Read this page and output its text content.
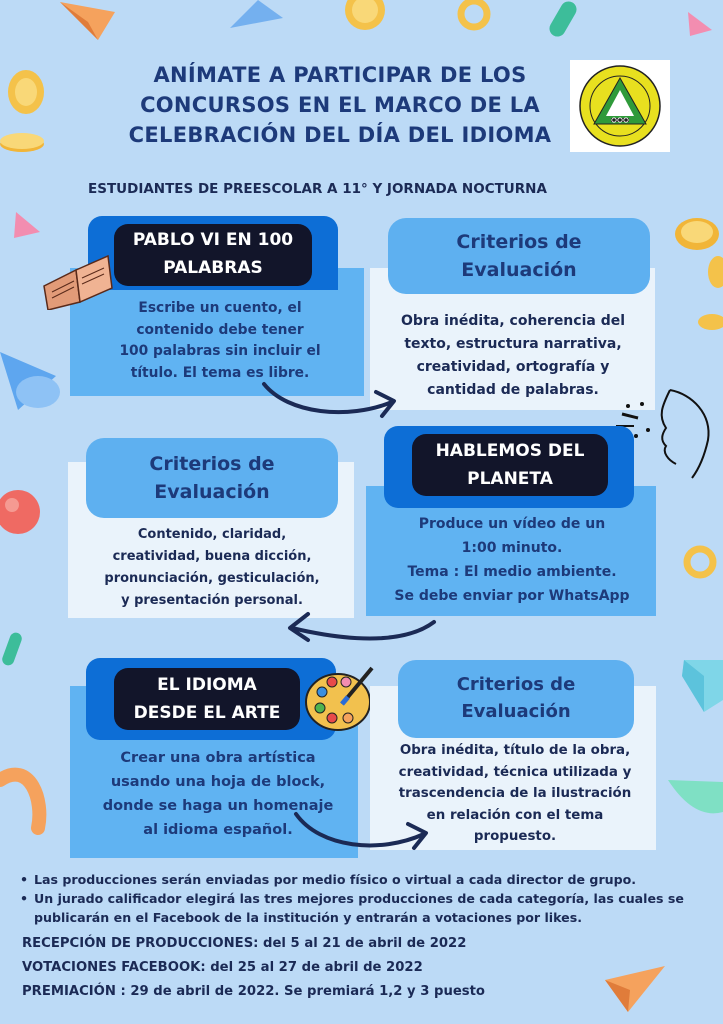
ANÍMATE A PARTICIPAR DE LOS
CONCURSOS EN EL MARCO DE LA
CELEBRACIÓN DEL DÍA DEL IDIOMA
ESTUDIANTES DE PREESCOLAR A 11° Y JORNADA NOCTURNA
PABLO VI EN 100
PALABRAS
Escribe un cuento, el
contenido debe tener
100 palabras sin incluir el
título. El tema es libre.
Criterios de
Evaluación
Obra inédita, coherencia del
texto, estructura narrativa,
creatividad, ortografía y
cantidad de palabras.
Criterios de
Evaluación
Contenido, claridad,
creatividad, buena dicción,
pronunciación, gesticulación,
y presentación personal.
HABLEMOS DEL
PLANETA
Produce un vídeo de un
1:00 minuto.
Tema : El medio ambiente.
Se debe enviar por WhatsApp
EL IDIOMA
DESDE EL ARTE
Crear una obra artística
usando una hoja de block,
donde se haga un homenaje
al idioma español.
Criterios de
Evaluación
Obra inédita, título de la obra,
creatividad, técnica utilizada y
trascendencia de la ilustración
en relación con el tema
propuesto.
• Las producciones serán enviadas por medio físico o virtual a cada director de grupo.
• Un jurado calificador elegirá las tres mejores producciones de cada categoría, las cuales se publicarán en el Facebook de la institución y entrarán a votaciones por likes.
RECEPCIÓN DE PRODUCCIONES: del 5 al 21 de abril de 2022
VOTACIONES FACEBOOK: del 25 al 27 de abril de 2022
PREMIACIÓN : 29 de abril de 2022. Se premiará 1,2 y 3 puesto
